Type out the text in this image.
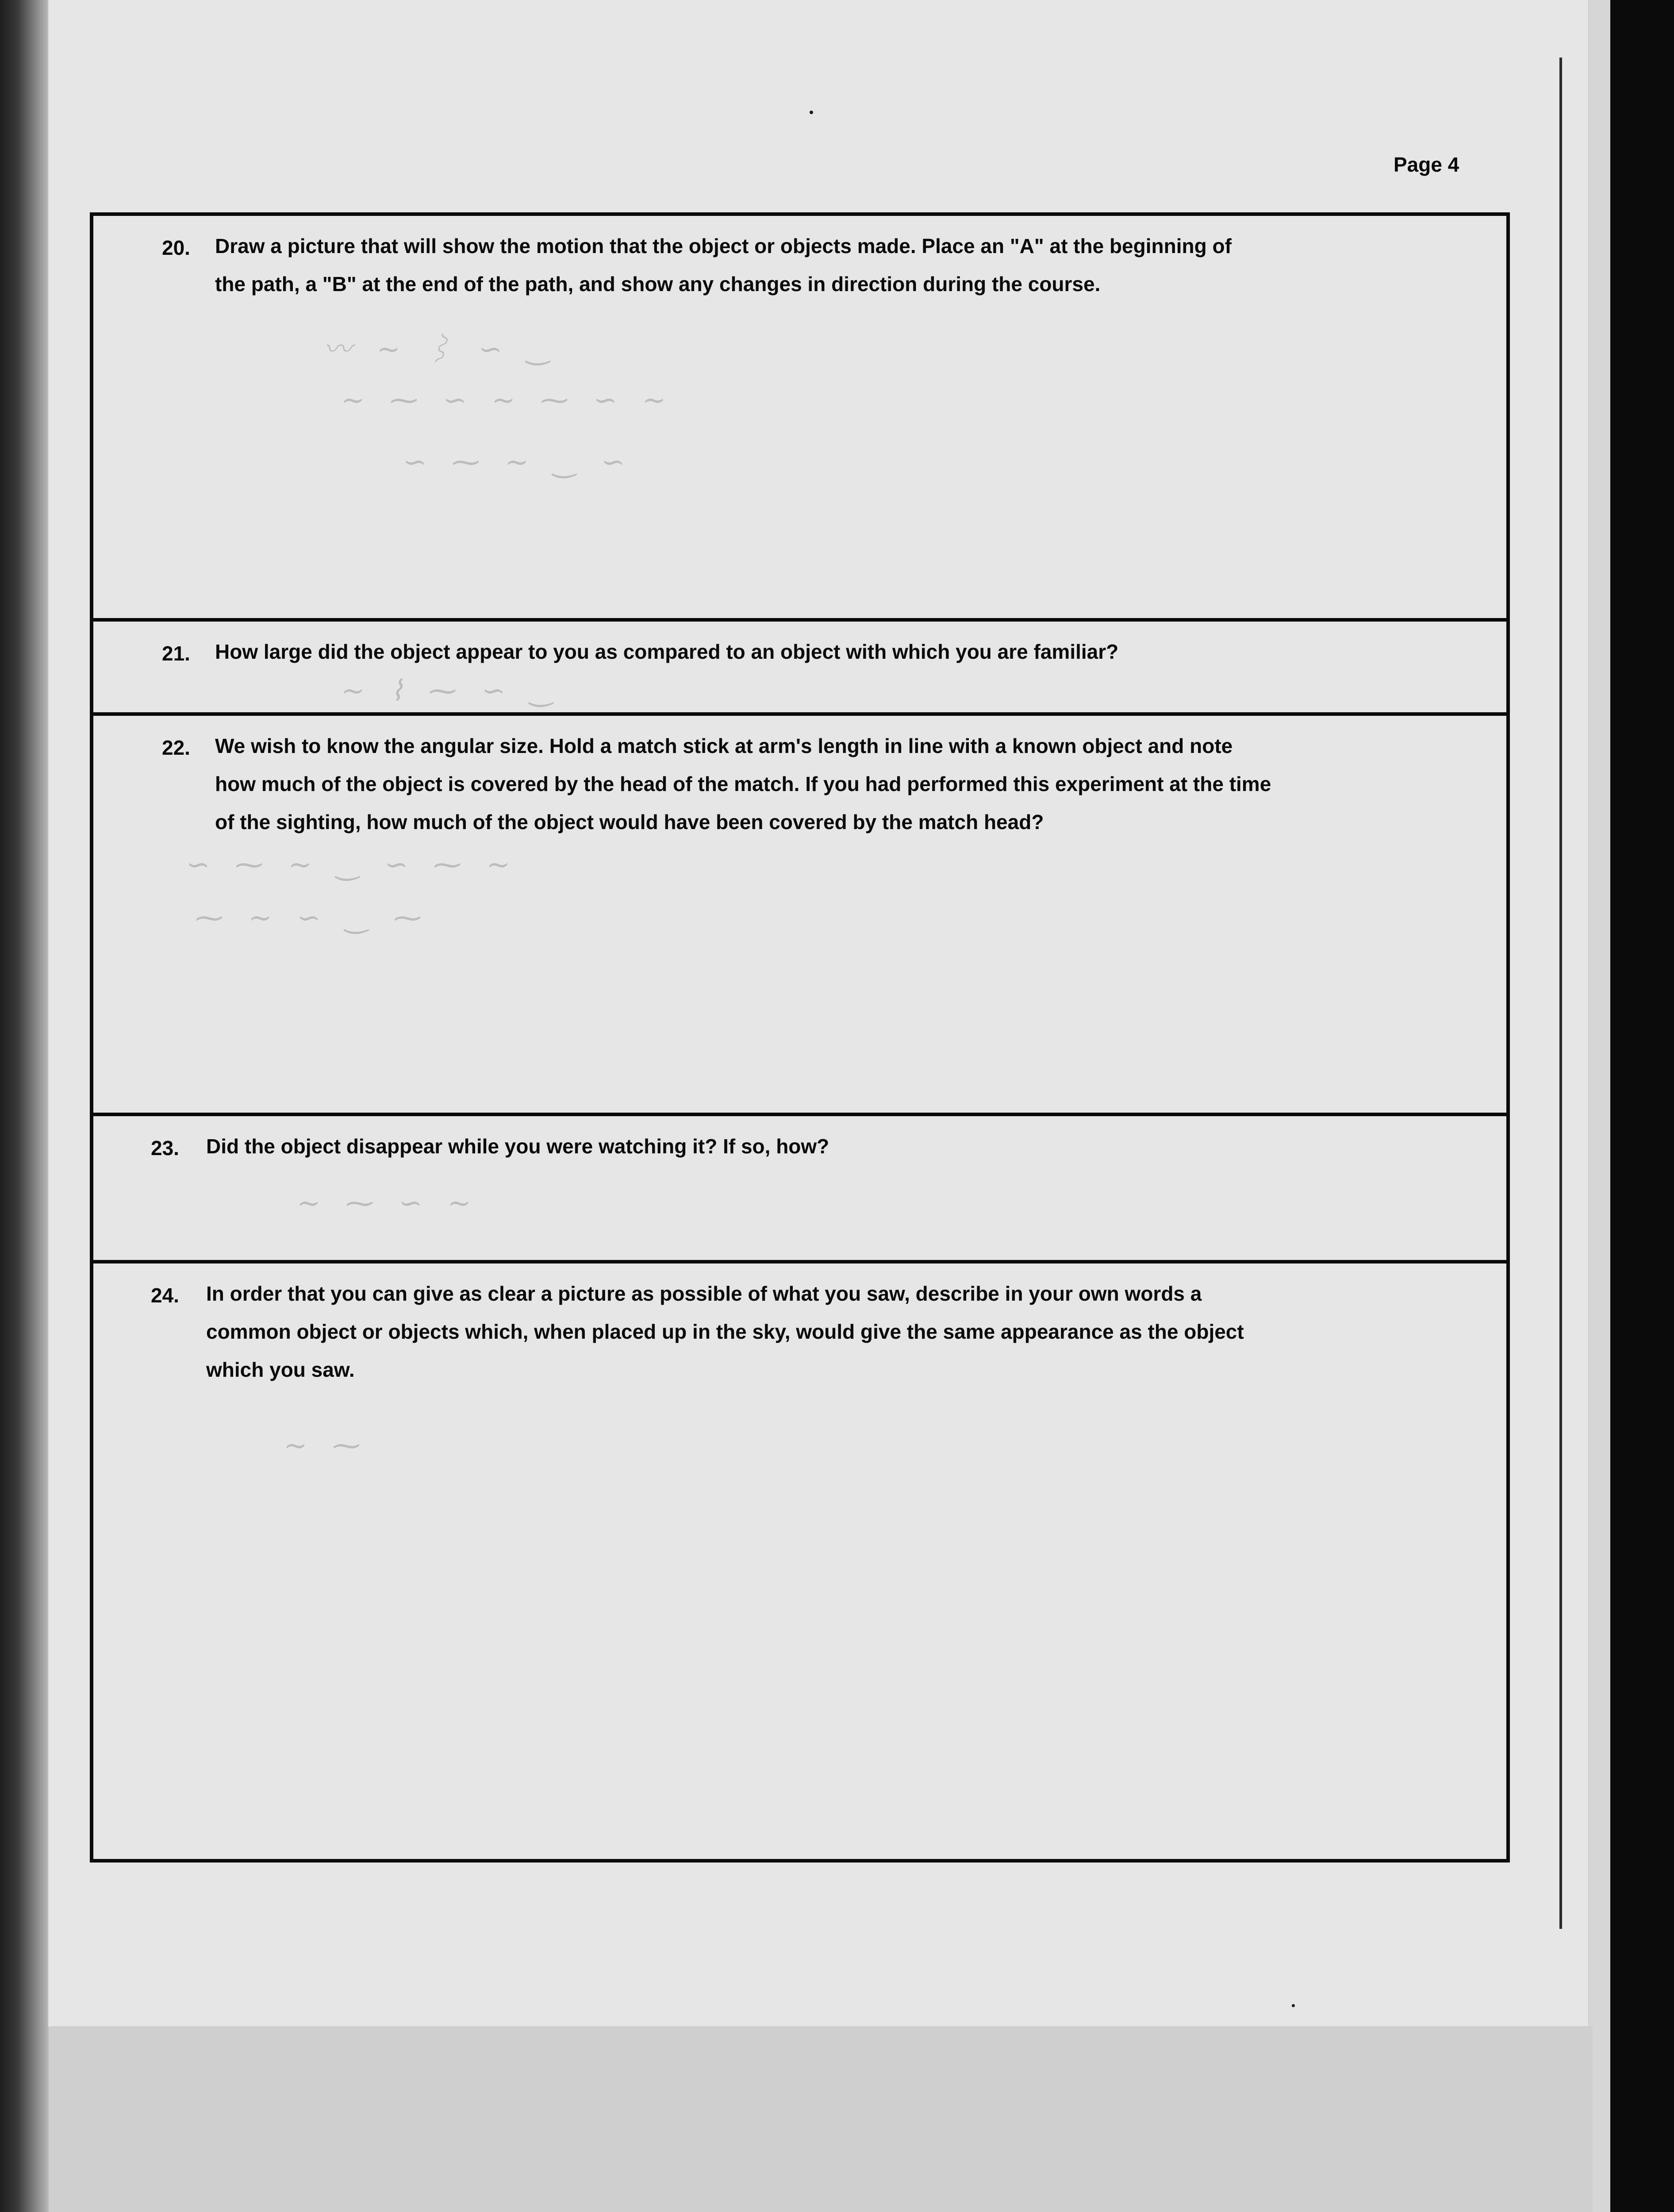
Page 4
20. Draw a picture that will show the motion that the object or objects made. Place an "A" at the beginning of
the path, a "B" at the end of the path, and show any changes in direction during the course.
〰 ∼ ⌇ ∽ ‿
∼ ⁓ ∽ ∼ ⁓ ∽ ∼
∽ ⁓ ∼ ‿ ∽
21. How large did the object appear to you as compared to an object with which you are familiar?
∼ ⌇ ⁓ ∽ ‿
22. We wish to know the angular size. Hold a match stick at arm's length in line with a known object and note
how much of the object is covered by the head of the match. If you had performed this experiment at the time
of the sighting, how much of the object would have been covered by the match head?
∽ ⁓ ∼ ‿ ∽ ⁓ ∼
⁓ ∼ ∽ ‿ ⁓
23. Did the object disappear while you were watching it? If so, how?
∼ ⁓ ∽ ∼
24. In order that you can give as clear a picture as possible of what you saw, describe in your own words a
common object or objects which, when placed up in the sky, would give the same appearance as the object
which you saw.
∼ ⁓
